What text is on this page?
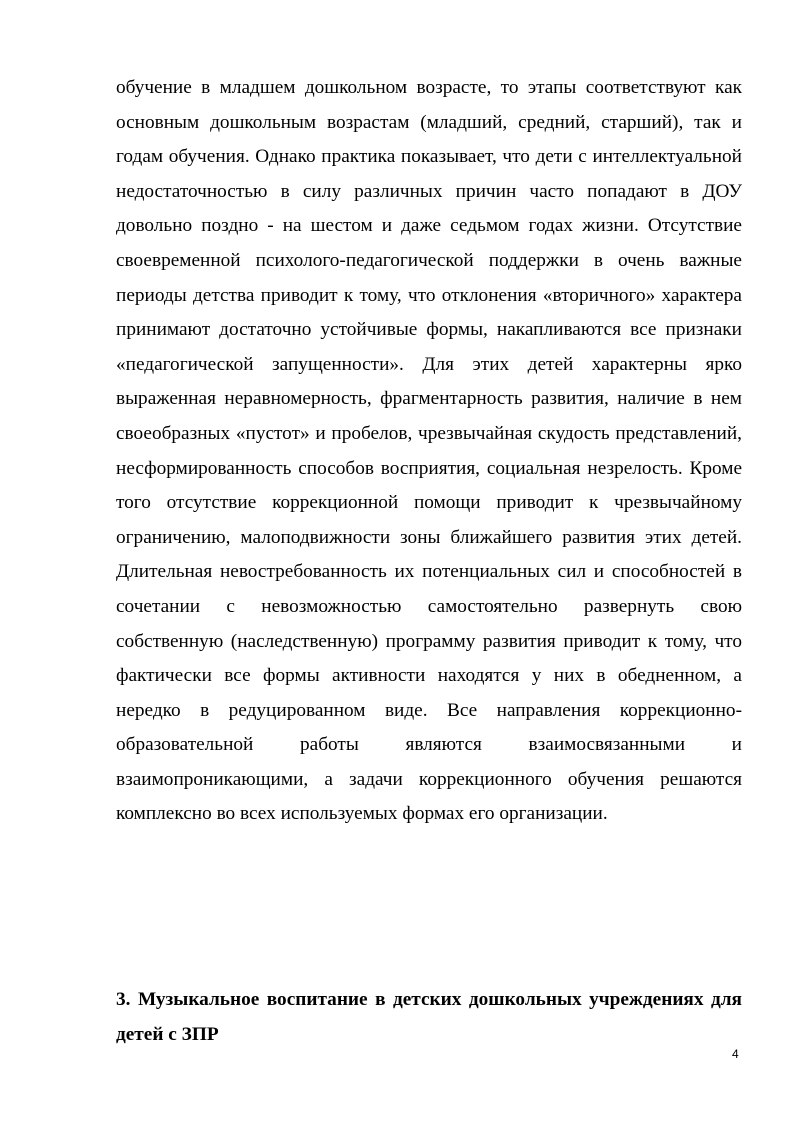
обучение в младшем дошкольном возрасте, то этапы соответствуют как основным дошкольным возрастам (младший, средний, старший), так и годам обучения. Однако практика показывает, что дети с интеллектуальной недостаточностью в силу различных причин часто попадают в ДОУ довольно поздно - на шестом и даже седьмом годах жизни. Отсутствие своевременной психолого-педагогической поддержки в очень важные периоды детства приводит к тому, что отклонения «вторичного» характера принимают достаточно устойчивые формы, накапливаются все признаки «педагогической запущенности». Для этих детей характерны ярко выраженная неравномерность, фрагментарность развития, наличие в нем своеобразных «пустот» и пробелов, чрезвычайная скудость представлений, несформированность способов восприятия, социальная незрелость. Кроме того отсутствие коррекционной помощи приводит к чрезвычайному ограничению, малоподвижности зоны ближайшего развития этих детей. Длительная невостребованность их потенциальных сил и способностей в сочетании с невозможностью самостоятельно развернуть свою собственную (наследственную) программу развития приводит к тому, что фактически все формы активности находятся у них в обедненном, а нередко в редуцированном виде. Все направления коррекционно-образовательной работы являются взаимосвязанными и взаимопроникающими, а задачи коррекционного обучения решаются комплексно во всех используемых формах его организации.

3. Музыкальное воспитание в детских дошкольных учреждениях для детей с ЗПР

4
